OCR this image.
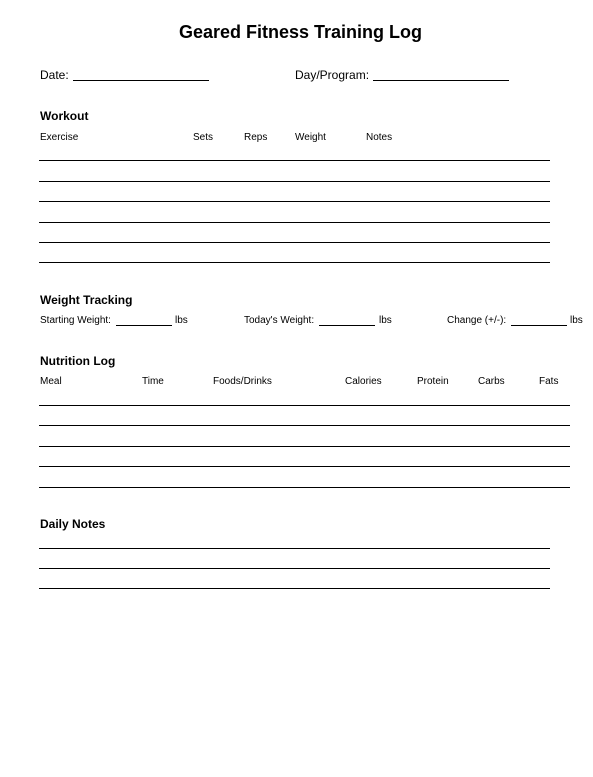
Geared Fitness Training Log
Date:	Day/Program:
Workout
Exercise	Sets	Reps	Weight	Notes
Weight Tracking
Starting Weight:	lbs	Today's Weight:	lbs	Change (+/-):	lbs
Nutrition Log
Meal	Time	Foods/Drinks	Calories	Protein	Carbs	Fats
Daily Notes
